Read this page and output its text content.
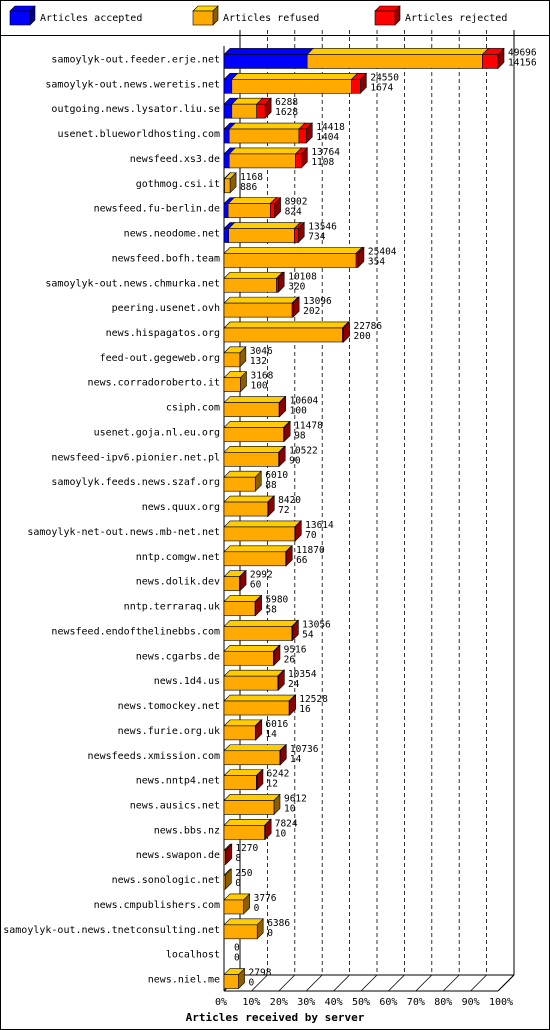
Articles accepted	Articles refused	Articles rejected
0% 10% 20% 30% 40% 50% 60% 70% 80% 90% 100%
samoylyk-out.feeder.erje.net
49696
14156
samoylyk-out.news.weretis.net
24550
1674
outgoing.news.lysator.liu.se
6288
1628
usenet.blueworldhosting.com
14418
1404
newsfeed.xs3.de
13764
1108
gothmog.csi.it
1168
886
newsfeed.fu-berlin.de
8902
824
news.neodome.net
13546
734
newsfeed.bofh.team
25404
354
samoylyk-out.news.chmurka.net
10108
320
peering.usenet.ovh
13096
202
news.hispagatos.org
22786
200
feed-out.gegeweb.org
3046
132
news.corradoroberto.it
3168
100
csiph.com
10604
100
usenet.goja.nl.eu.org
11478
98
newsfeed-ipv6.pionier.net.pl
10522
90
samoylyk.feeds.news.szaf.org
6010
88
news.quux.org
8420
72
samoylyk-net-out.news.mb-net.net
13614
70
nntp.comgw.net
11870
66
news.dolik.dev
2992
60
nntp.terraraq.uk
5980
58
newsfeed.endofthelinebbs.com
13056
54
news.cgarbs.de
9516
26
news.1d4.us
10354
24
news.tomockey.net
12528
16
news.furie.org.uk
6016
14
newsfeeds.xmission.com
10736
14
news.nntp4.net
6242
12
news.ausics.net
9612
10
news.bbs.nz
7824
10
news.swapon.de
1270
8
news.sonologic.net
250
0
news.cmpublishers.com
3776
0
samoylyk-out.news.tnetconsulting.net
6386
0
localhost
0
0
news.niel.me
2798
0
Articles received by server
